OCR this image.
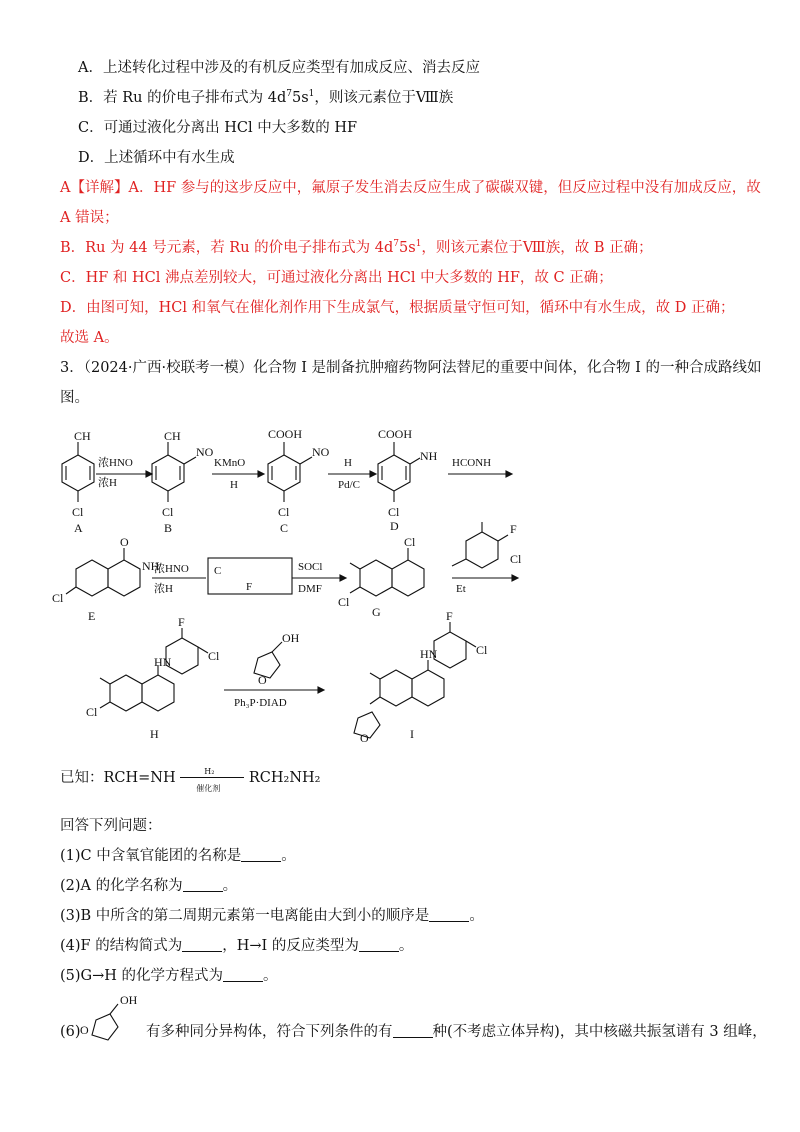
A．上述转化过程中涉及的有机反应类型有加成反应、消去反应
B．若 Ru 的价电子排布式为 $4d^75s^1$，则该元素位于Ⅷ族
C．可通过液化分离出 HCl 中大多数的 HF
D．上述循环中有水生成
A【详解】A．HF 参与的这步反应中，氟原子发生消去反应生成了碳碳双键，但反应过程中没有加成反应，故
A 错误；
B．Ru 为 44 号元素，若 Ru 的价电子排布式为 $4d^75s^1$，则该元素位于Ⅷ族，故 B 正确；
C．HF 和 HCl 沸点差别较大，可通过液化分离出 HCl 中大多数的 HF，故 C 正确；
D．由图可知，HCl 和氧气在催化剂作用下生成氯气，根据质量守恒可知，循环中有水生成，故 D 正确；
故选 A。
3．（2024·广西·校联考一模）化合物 I 是制备抗肿瘤药物阿法替尼的重要中间体，化合物 I 的一种合成路线如
图。
CH
Cl
A
浓HNO
浓H
CH
NO
Cl
B
KMnO
H
COOH
NO
Cl
C
H
Pd/C
COOH
NH
Cl
D
HCONH
O
NH
Cl
E
浓HNO
浓H
C
F
SOCl
DMF
Cl
Cl
G
Et
F
Cl
HN
F
Cl
Cl
H
OH
O
Ph₃P·DIAD
HN
F
Cl
O	I
已知：RCH=NH	H₂
催化剂
RCH₂NH₂
回答下列问题：
(1)C 中含氧官能团的名称是	。
(2)A 的化学名称为	。
(3)B 中所含的第二周期元素第一电离能由大到小的顺序是	。
(4)F 的结构简式为	，H→I 的反应类型为	。
(5)G→H 的化学方程式为	。
(6)
OH
O	有多种同分异构体，符合下列条件的有	种(不考虑立体异构)，其中核磁共振氢谱有 3 组峰，
